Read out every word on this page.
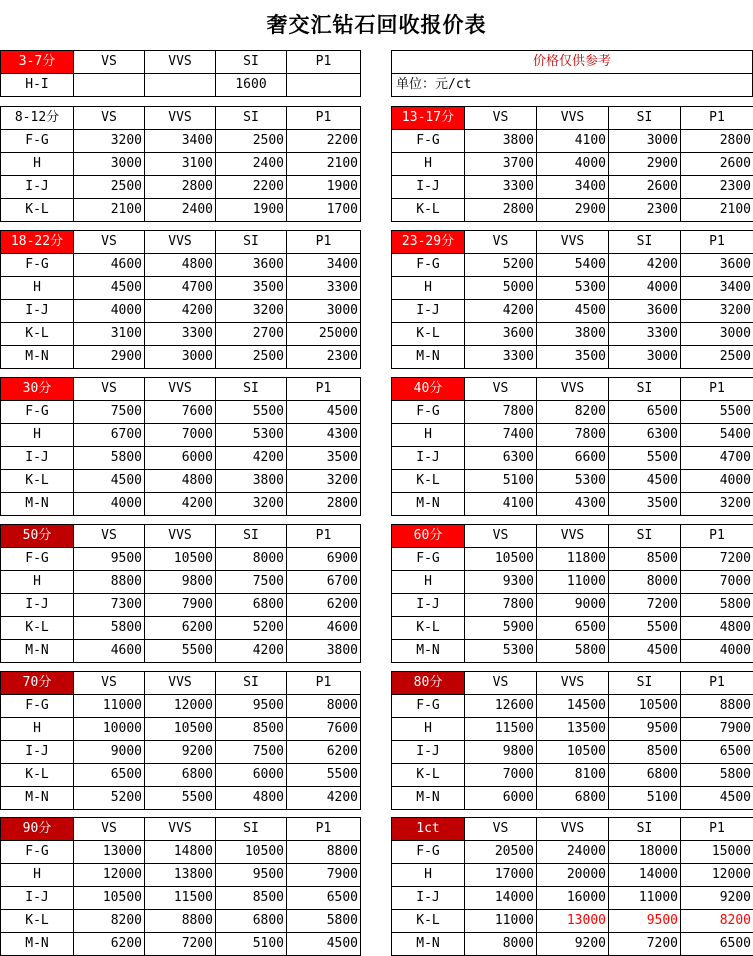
奢交汇钻石回收报价表
价格仅供参考
单位：元/ct
3-7分	VS	VVS	SI	P1
H-I			1600	
8-12分	VS	VVS	SI	P1
F-G	3200	3400	2500	2200
H	3000	3100	2400	2100
I-J	2500	2800	2200	1900
K-L	2100	2400	1900	1700
13-17分	VS	VVS	SI	P1
F-G	3800	4100	3000	2800
H	3700	4000	2900	2600
I-J	3300	3400	2600	2300
K-L	2800	2900	2300	2100
18-22分	VS	VVS	SI	P1
F-G	4600	4800	3600	3400
H	4500	4700	3500	3300
I-J	4000	4200	3200	3000
K-L	3100	3300	2700	25000
M-N	2900	3000	2500	2300
23-29分	VS	VVS	SI	P1
F-G	5200	5400	4200	3600
H	5000	5300	4000	3400
I-J	4200	4500	3600	3200
K-L	3600	3800	3300	3000
M-N	3300	3500	3000	2500
30分	VS	VVS	SI	P1
F-G	7500	7600	5500	4500
H	6700	7000	5300	4300
I-J	5800	6000	4200	3500
K-L	4500	4800	3800	3200
M-N	4000	4200	3200	2800
40分	VS	VVS	SI	P1
F-G	7800	8200	6500	5500
H	7400	7800	6300	5400
I-J	6300	6600	5500	4700
K-L	5100	5300	4500	4000
M-N	4100	4300	3500	3200
50分	VS	VVS	SI	P1
F-G	9500	10500	8000	6900
H	8800	9800	7500	6700
I-J	7300	7900	6800	6200
K-L	5800	6200	5200	4600
M-N	4600	5500	4200	3800
60分	VS	VVS	SI	P1
F-G	10500	11800	8500	7200
H	9300	11000	8000	7000
I-J	7800	9000	7200	5800
K-L	5900	6500	5500	4800
M-N	5300	5800	4500	4000
70分	VS	VVS	SI	P1
F-G	11000	12000	9500	8000
H	10000	10500	8500	7600
I-J	9000	9200	7500	6200
K-L	6500	6800	6000	5500
M-N	5200	5500	4800	4200
80分	VS	VVS	SI	P1
F-G	12600	14500	10500	8800
H	11500	13500	9500	7900
I-J	9800	10500	8500	6500
K-L	7000	8100	6800	5800
M-N	6000	6800	5100	4500
90分	VS	VVS	SI	P1
F-G	13000	14800	10500	8800
H	12000	13800	9500	7900
I-J	10500	11500	8500	6500
K-L	8200	8800	6800	5800
M-N	6200	7200	5100	4500
1ct	VS	VVS	SI	P1
F-G	20500	24000	18000	15000
H	17000	20000	14000	12000
I-J	14000	16000	11000	9200
K-L	11000	13000	9500	8200
M-N	8000	9200	7200	6500
